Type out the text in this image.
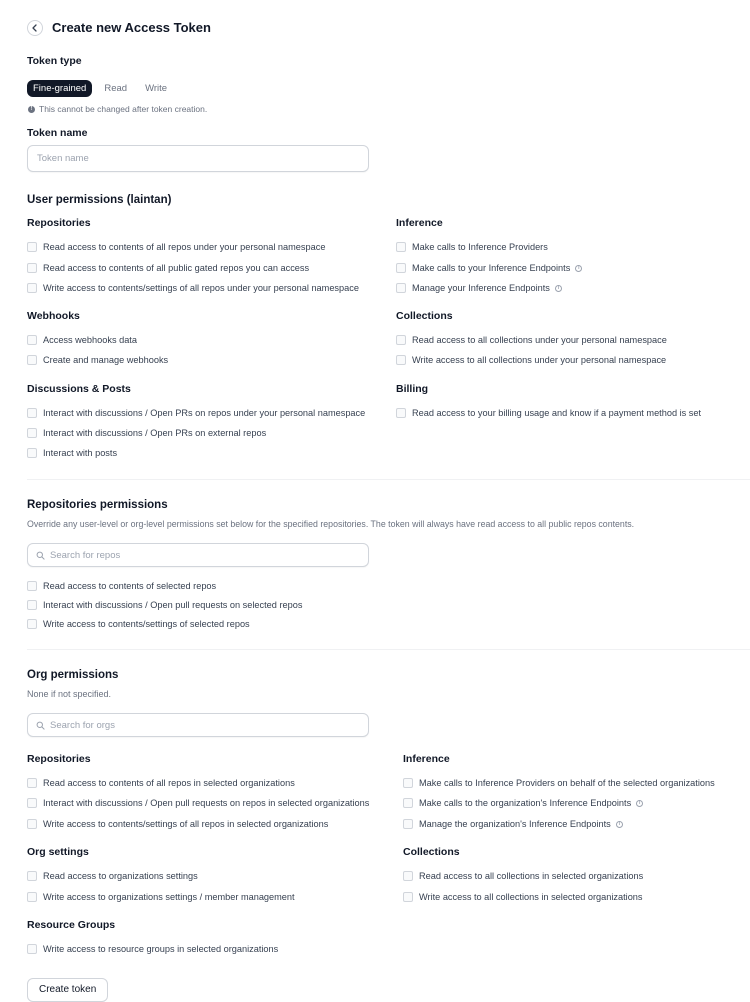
Create new Access Token
Token type
Fine-grained	Read	Write
! This cannot be changed after token creation.
Token name
Token name
User permissions (laintan)
Repositories
Read access to contents of all repos under your personal namespace
Read access to contents of all public gated repos you can access
Write access to contents/settings of all repos under your personal namespace
Inference
Make calls to Inference Providers
Make calls to your Inference Endpoints	i
Manage your Inference Endpoints	i
Webhooks
Access webhooks data
Create and manage webhooks
Collections
Read access to all collections under your personal namespace
Write access to all collections under your personal namespace
Discussions & Posts
Interact with discussions / Open PRs on repos under your personal namespace
Interact with discussions / Open PRs on external repos
Interact with posts
Billing
Read access to your billing usage and know if a payment method is set
Repositories permissions
Override any user-level or org-level permissions set below for the specified repositories. The token will always have read access to all public repos contents.
Search for repos
Read access to contents of selected repos
Interact with discussions / Open pull requests on selected repos
Write access to contents/settings of selected repos
Org permissions
None if not specified.
Search for orgs
Repositories
Read access to contents of all repos in selected organizations
Interact with discussions / Open pull requests on repos in selected organizations
Write access to contents/settings of all repos in selected organizations
Inference
Make calls to Inference Providers on behalf of the selected organizations
Make calls to the organization's Inference Endpoints	i
Manage the organization's Inference Endpoints	i
Org settings
Read access to organizations settings
Write access to organizations settings / member management
Collections
Read access to all collections in selected organizations
Write access to all collections in selected organizations
Resource Groups
Write access to resource groups in selected organizations
Create token
